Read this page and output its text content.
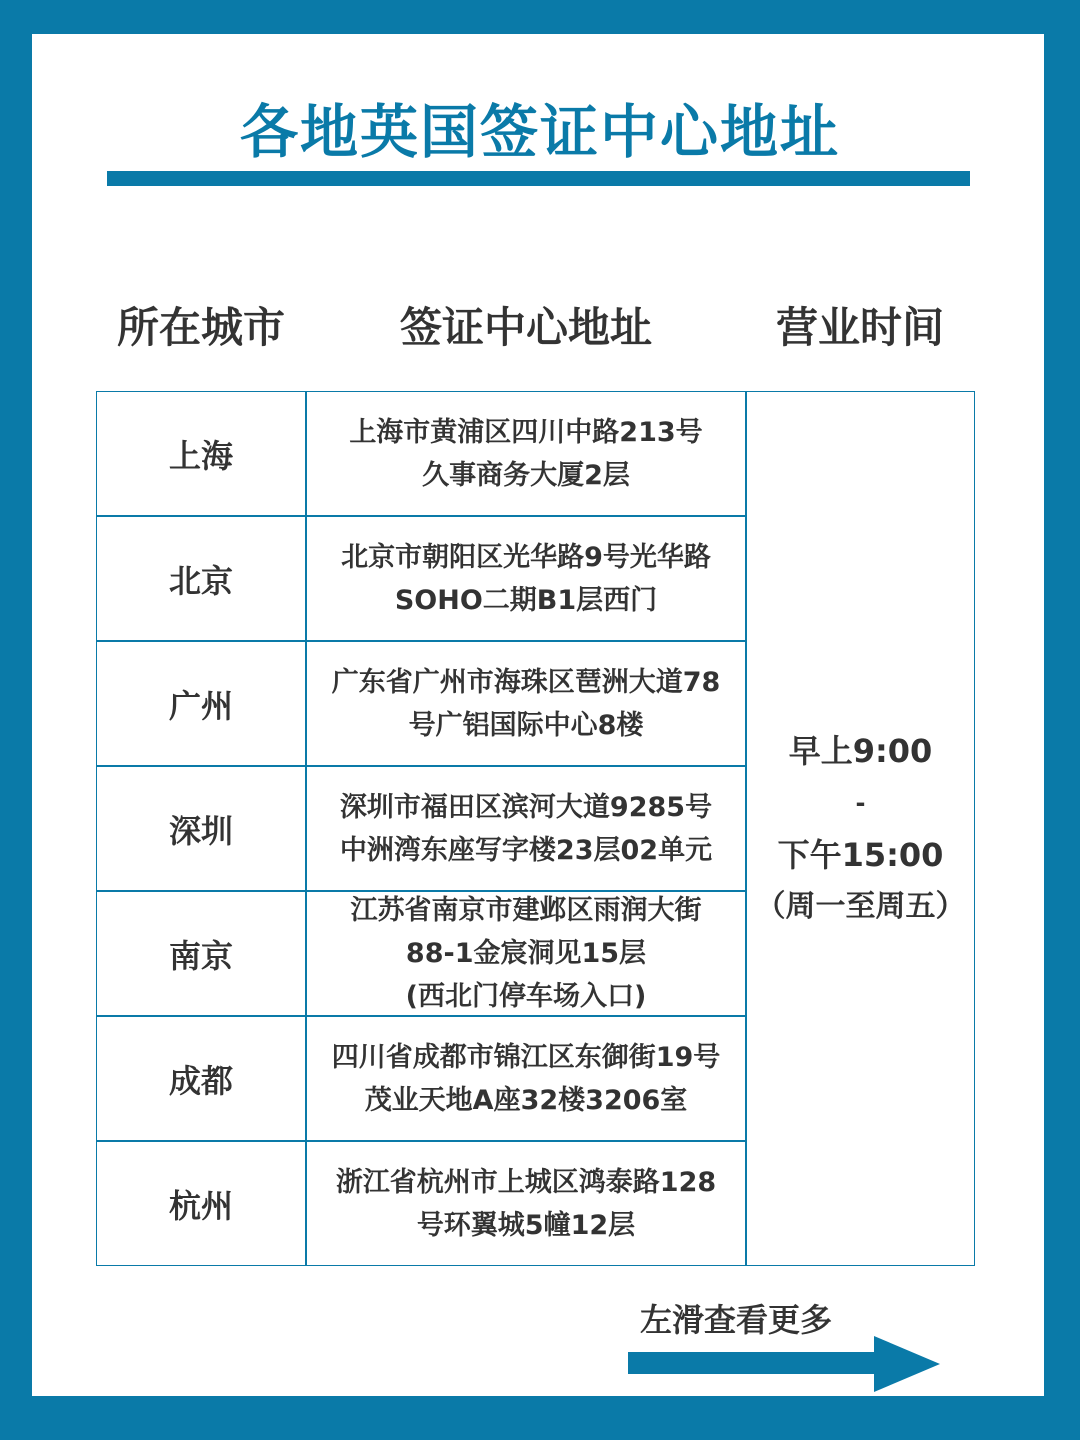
各地英国签证中心地址
所在城市	签证中心地址	营业时间
上海
上海市黄浦区四川中路213号
久事商务大厦2层
北京
北京市朝阳区光华路9号光华路
SOHO二期B1层西门
广州
广东省广州市海珠区琶洲大道78
号广铝国际中心8楼
深圳
深圳市福田区滨河大道9285号
中洲湾东座写字楼23层02单元
南京
江苏省南京市建邺区雨润大街
88-1金宸洞见15层
(西北门停车场入口)
成都
四川省成都市锦江区东御街19号
茂业天地A座32楼3206室
杭州
浙江省杭州市上城区鸿泰路128
号环翼城5幢12层
早上9:00
-
下午15:00
（周一至周五）
左滑查看更多
